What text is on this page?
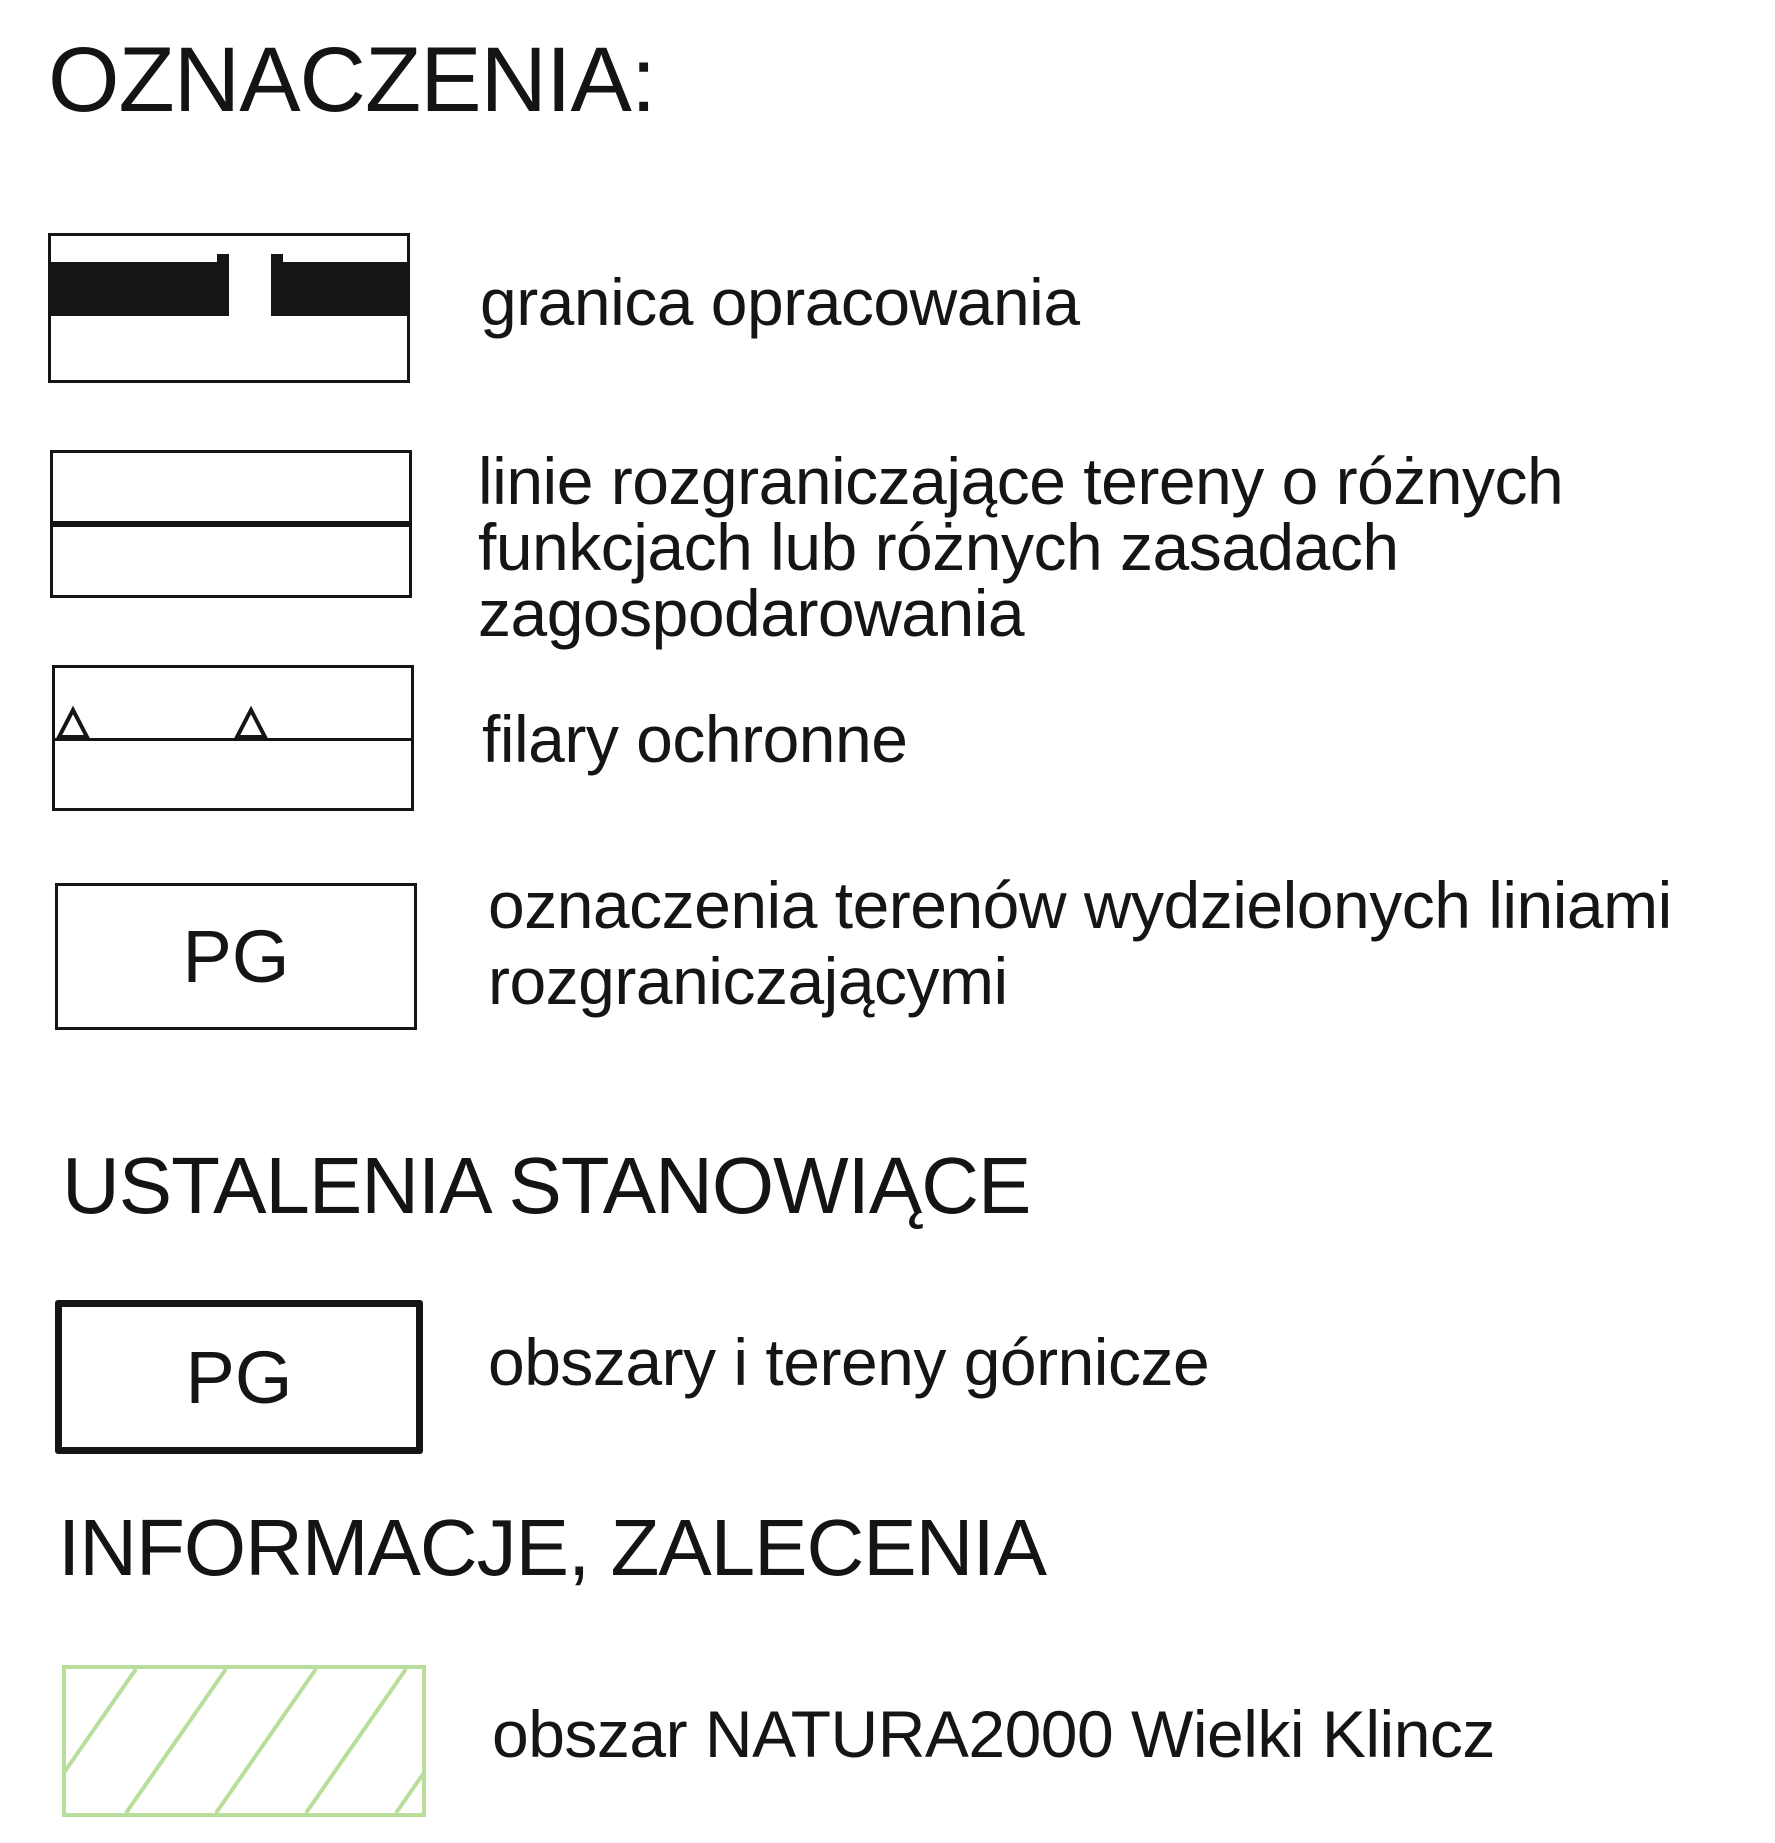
OZNACZENIA:

granica opracowania

linie rozgraniczające tereny o różnych
funkcjach lub różnych zasadach
zagospodarowania

filary ochronne

PG

oznaczenia terenów wydzielonych liniami
rozgraniczającymi

USTALENIA STANOWIĄCE
PG	obszary i tereny górnicze

INFORMACJE, ZALECENIA

obszar NATURA2000 Wielki Klincz
